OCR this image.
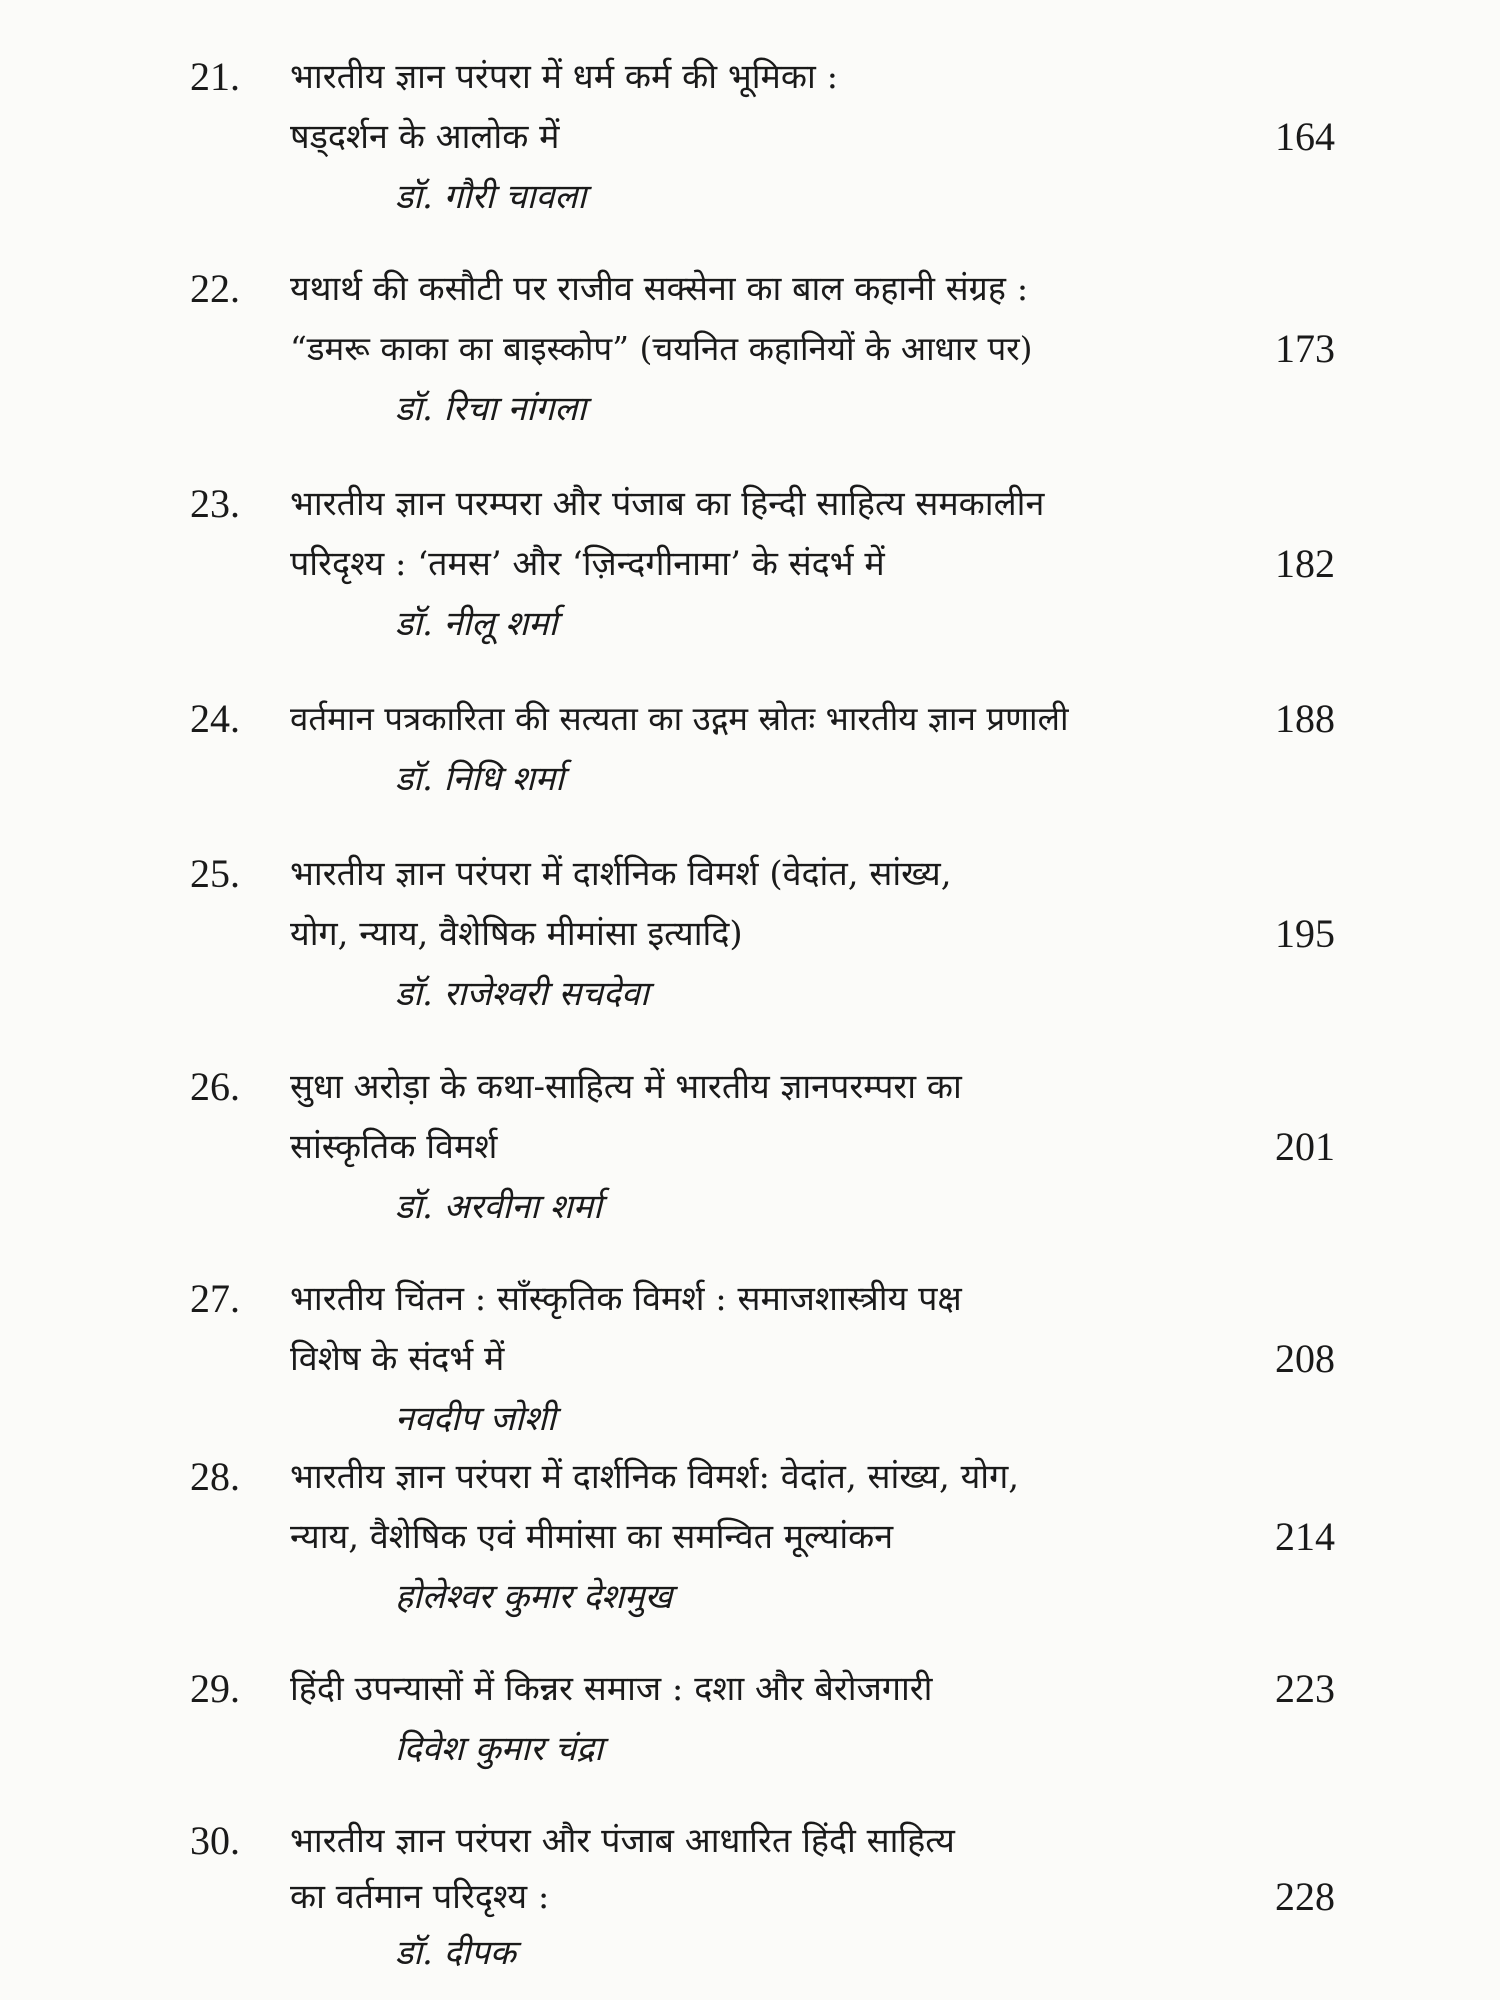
21. भारतीय ज्ञान परंपरा में धर्म कर्म की भूमिका :
षड्दर्शन के आलोक में	164
डॉ. गौरी चावला
22. यथार्थ की कसौटी पर राजीव सक्सेना का बाल कहानी संग्रह :
“डमरू काका का बाइस्कोप” (चयनित कहानियों के आधार पर)	173
डॉ. रिचा नांगला
23. भारतीय ज्ञान परम्परा और पंजाब का हिन्दी साहित्य समकालीन
परिदृश्य : ‘तमस’ और ‘ज़िन्दगीनामा’ के संदर्भ में	182
डॉ. नीलू शर्मा
24. वर्तमान पत्रकारिता की सत्यता का उद्गम स्रोतः भारतीय ज्ञान प्रणाली	188
डॉ. निधि शर्मा
25. भारतीय ज्ञान परंपरा में दार्शनिक विमर्श (वेदांत, सांख्य,
योग, न्याय, वैशेषिक मीमांसा इत्यादि)	195
डॉ. राजेश्वरी सचदेवा
26. सुधा अरोड़ा के कथा-साहित्य में भारतीय ज्ञानपरम्परा का
सांस्कृतिक विमर्श	201
डॉ. अरवीना शर्मा
27. भारतीय चिंतन : साँस्कृतिक विमर्श : समाजशास्त्रीय पक्ष
विशेष के संदर्भ में	208
नवदीप जोशी
28. भारतीय ज्ञान परंपरा में दार्शनिक विमर्श: वेदांत, सांख्य, योग,
न्याय, वैशेषिक एवं मीमांसा का समन्वित मूल्यांकन	214
होलेश्वर कुमार देशमुख
29. हिंदी उपन्यासों में किन्नर समाज : दशा और बेरोजगारी	223
दिवेश कुमार चंद्रा
30. भारतीय ज्ञान परंपरा और पंजाब आधारित हिंदी साहित्य
का वर्तमान परिदृश्य :	228
डॉ. दीपक
